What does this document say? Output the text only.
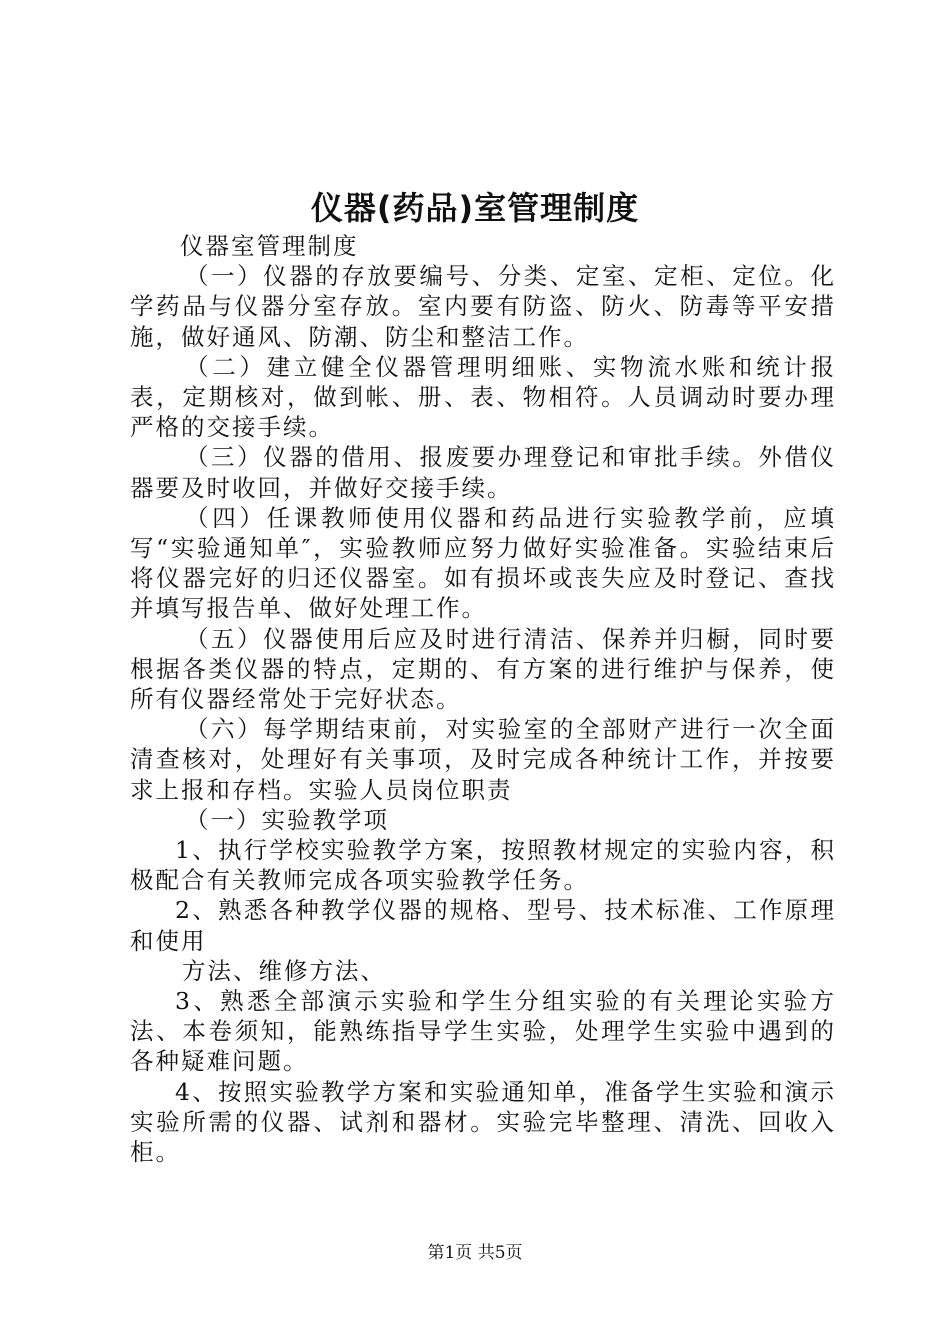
仪器(药品)室管理制度

仪器室管理制度

（一）仪器的存放要编号、分类、定室、定柜、定位。化学药品与仪器分室存放。室内要有防盗、防火、防毒等平安措施，做好通风、防潮、防尘和整洁工作。

（二）建立健全仪器管理明细账、实物流水账和统计报表，定期核对，做到帐、册、表、物相符。人员调动时要办理严格的交接手续。

（三）仪器的借用、报废要办理登记和审批手续。外借仪器要及时收回，并做好交接手续。

（四）任课教师使用仪器和药品进行实验教学前，应填写“实验通知单″，实验教师应努力做好实验准备。实验结束后将仪器完好的归还仪器室。如有损坏或丧失应及时登记、查找并填写报告单、做好处理工作。

（五）仪器使用后应及时进行清洁、保养并归橱，同时要根据各类仪器的特点，定期的、有方案的进行维护与保养，使所有仪器经常处于完好状态。

（六）每学期结束前，对实验室的全部财产进行一次全面清查核对，处理好有关事项，及时完成各种统计工作，并按要求上报和存档。实验人员岗位职责

（一）实验教学项

1、执行学校实验教学方案，按照教材规定的实验内容，积极配合有关教师完成各项实验教学任务。

2、熟悉各种教学仪器的规格、型号、技术标准、工作原理和使用

方法、维修方法、

3、熟悉全部演示实验和学生分组实验的有关理论实验方法、本卷须知，能熟练指导学生实验，处理学生实验中遇到的各种疑难问题。

4、按照实验教学方案和实验通知单，准备学生实验和演示实验所需的仪器、试剂和器材。实验完毕整理、清洗、回收入柜。

第1页 共5页
